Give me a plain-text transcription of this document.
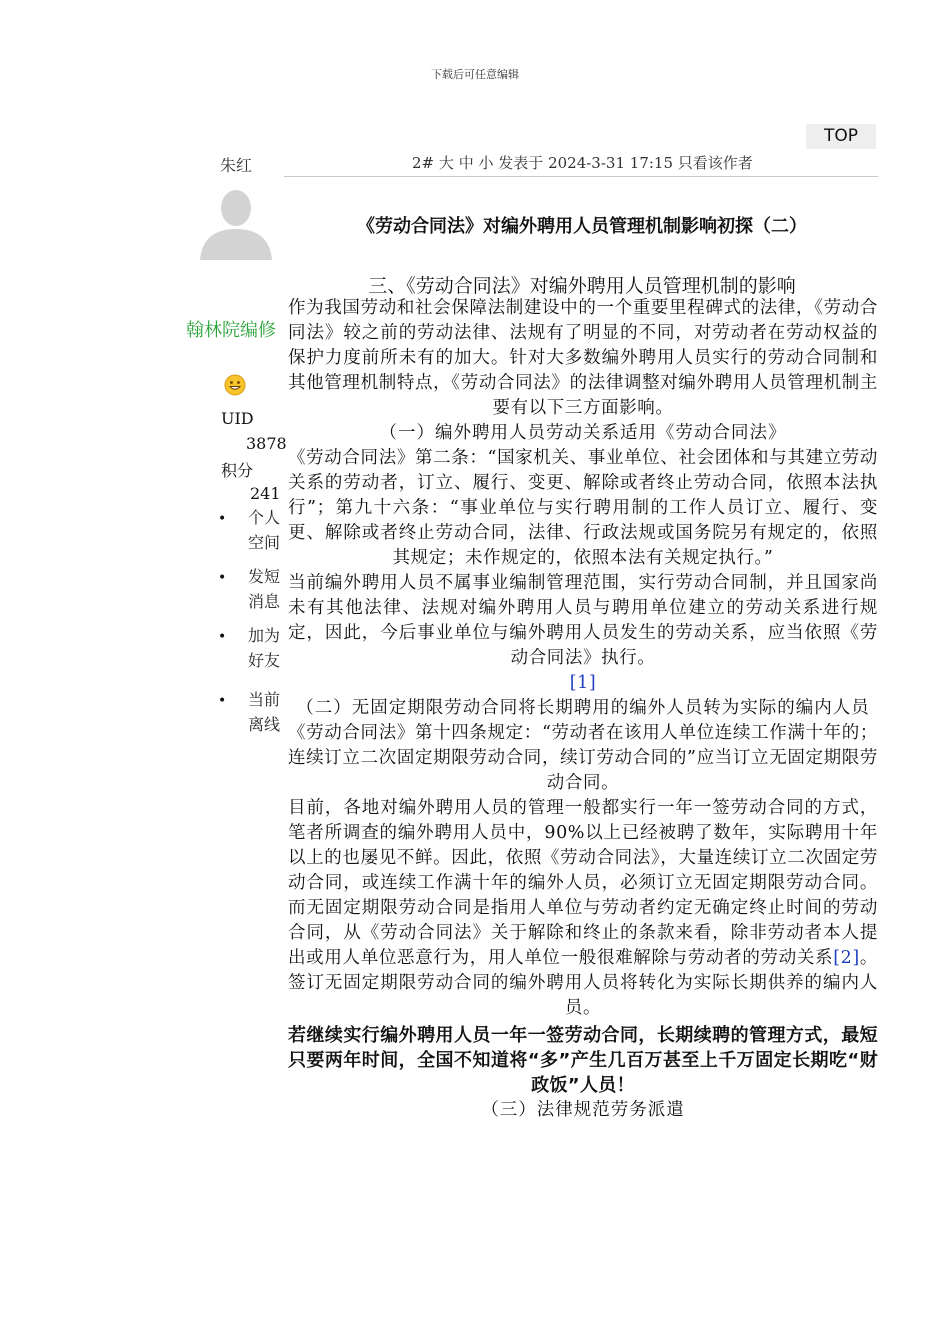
下载后可任意编辑
TOP
朱红	2# 大 中 小 发表于 2024-3-31 17:15 只看该作者
翰林院编修
UID
3878
积分
241
• 个人空间
• 发短消息
• 加为好友
• 当前离线
《劳动合同法》对编外聘用人员管理机制影响初探（二）
三、《劳动合同法》对编外聘用人员管理机制的影响

作为我国劳动和社会保障法制建设中的一个重要里程碑式的法律，《劳动合同法》较之前的劳动法律、法规有了明显的不同，对劳动者在劳动权益的保护力度前所未有的加大。针对大多数编外聘用人员实行的劳动合同制和其他管理机制特点，《劳动合同法》的法律调整对编外聘用人员管理机制主要有以下三方面影响。

（一）编外聘用人员劳动关系适用《劳动合同法》

《劳动合同法》第二条：“国家机关、事业单位、社会团体和与其建立劳动关系的劳动者，订立、履行、变更、解除或者终止劳动合同，依照本法执行”；第九十六条：“事业单位与实行聘用制的工作人员订立、履行、变更、解除或者终止劳动合同，法律、行政法规或国务院另有规定的，依照其规定；未作规定的，依照本法有关规定执行。”

当前编外聘用人员不属事业编制管理范围，实行劳动合同制，并且国家尚未有其他法律、法规对编外聘用人员与聘用单位建立的劳动关系进行规定，因此，今后事业单位与编外聘用人员发生的劳动关系，应当依照《劳动合同法》执行。
[1]

（二）无固定期限劳动合同将长期聘用的编外人员转为实际的编内人员

《劳动合同法》第十四条规定：“劳动者在该用人单位连续工作满十年的；连续订立二次固定期限劳动合同，续订劳动合同的”应当订立无固定期限劳动合同。

目前，各地对编外聘用人员的管理一般都实行一年一签劳动合同的方式，笔者所调查的编外聘用人员中，90%以上已经被聘了数年，实际聘用十年以上的也屡见不鲜。因此，依照《劳动合同法》，大量连续订立二次固定劳动合同，或连续工作满十年的编外人员，必须订立无固定期限劳动合同。而无固定期限劳动合同是指用人单位与劳动者约定无确定终止时间的劳动合同，从《劳动合同法》关于解除和终止的条款来看，除非劳动者本人提出或用人单位恶意行为，用人单位一般很难解除与劳动者的劳动关系[2]。签订无固定期限劳动合同的编外聘用人员将转化为实际长期供养的编内人员。

若继续实行编外聘用人员一年一签劳动合同，长期续聘的管理方式，最短只要两年时间，全国不知道将“多”产生几百万甚至上千万固定长期吃“财政饭”人员！

（三）法律规范劳务派遣
